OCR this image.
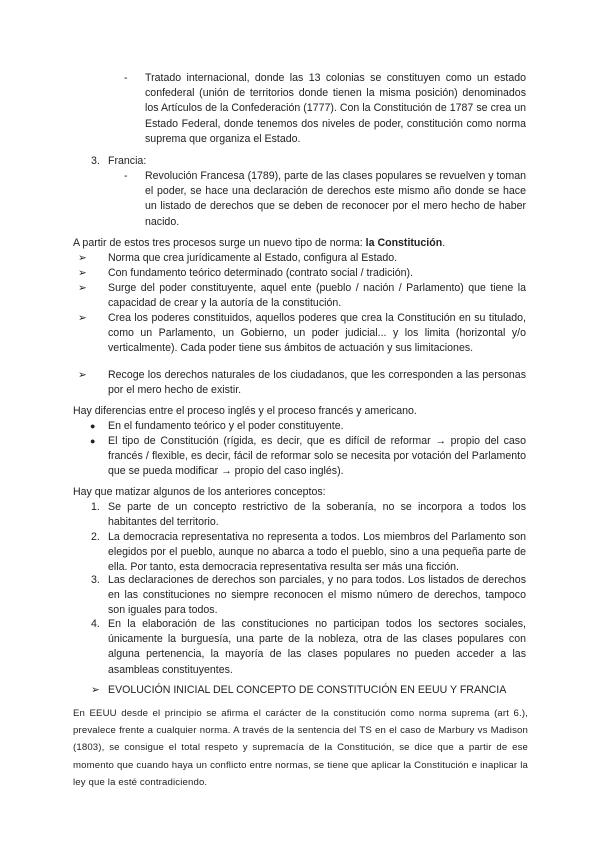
- Tratado internacional, donde las 13 colonias se constituyen como un estado confederal (unión de territorios donde tienen la misma posición) denominados los Artículos de la Confederación (1777). Con la Constitución de 1787 se crea un Estado Federal, donde tenemos dos niveles de poder, constitución como norma suprema que organiza el Estado.
3. Francia:
- Revolución Francesa (1789), parte de las clases populares se revuelven y toman el poder, se hace una declaración de derechos este mismo año donde se hace un listado de derechos que se deben de reconocer por el mero hecho de haber nacido.
A partir de estos tres procesos surge un nuevo tipo de norma: la Constitución.
➢ Norma que crea jurídicamente al Estado, configura al Estado.
➢ Con fundamento teórico determinado (contrato social / tradición).
➢ Surge del poder constituyente, aquel ente (pueblo / nación / Parlamento) que tiene la capacidad de crear y la autoría de la constitución.
➢ Crea los poderes constituidos, aquellos poderes que crea la Constitución en su titulado, como un Parlamento, un Gobierno, un poder judicial... y los limita (horizontal y/o verticalmente). Cada poder tiene sus ámbitos de actuación y sus limitaciones.
➢ Recoge los derechos naturales de los ciudadanos, que les corresponden a las personas por el mero hecho de existir.
Hay diferencias entre el proceso inglés y el proceso francés y americano.
● En el fundamento teórico y el poder constituyente.
● El tipo de Constitución (rígida, es decir, que es difícil de reformar → propio del caso francés / flexible, es decir, fácil de reformar solo se necesita por votación del Parlamento que se pueda modificar → propio del caso inglés).
Hay que matizar algunos de los anteriores conceptos:
1. Se parte de un concepto restrictivo de la soberanía, no se incorpora a todos los habitantes del territorio.
2. La democracia representativa no representa a todos. Los miembros del Parlamento son elegidos por el pueblo, aunque no abarca a todo el pueblo, sino a una pequeña parte de ella. Por tanto, esta democracia representativa resulta ser más una ficción.
3. Las declaraciones de derechos son parciales, y no para todos. Los listados de derechos en las constituciones no siempre reconocen el mismo número de derechos, tampoco son iguales para todos.
4. En la elaboración de las constituciones no participan todos los sectores sociales, únicamente la burguesía, una parte de la nobleza, otra de las clases populares con alguna pertenencia, la mayoría de las clases populares no pueden acceder a las asambleas constituyentes.
➢ EVOLUCIÓN INICIAL DEL CONCEPTO DE CONSTITUCIÓN EN EEUU Y FRANCIA
En EEUU desde el principio se afirma el carácter de la constitución como norma suprema (art 6.), prevalece frente a cualquier norma. A través de la sentencia del TS en el caso de Marbury vs Madison (1803), se consigue el total respeto y supremacía de la Constitución, se dice que a partir de ese momento que cuando haya un conflicto entre normas, se tiene que aplicar la Constitución e inaplicar la ley que la esté contradiciendo.
